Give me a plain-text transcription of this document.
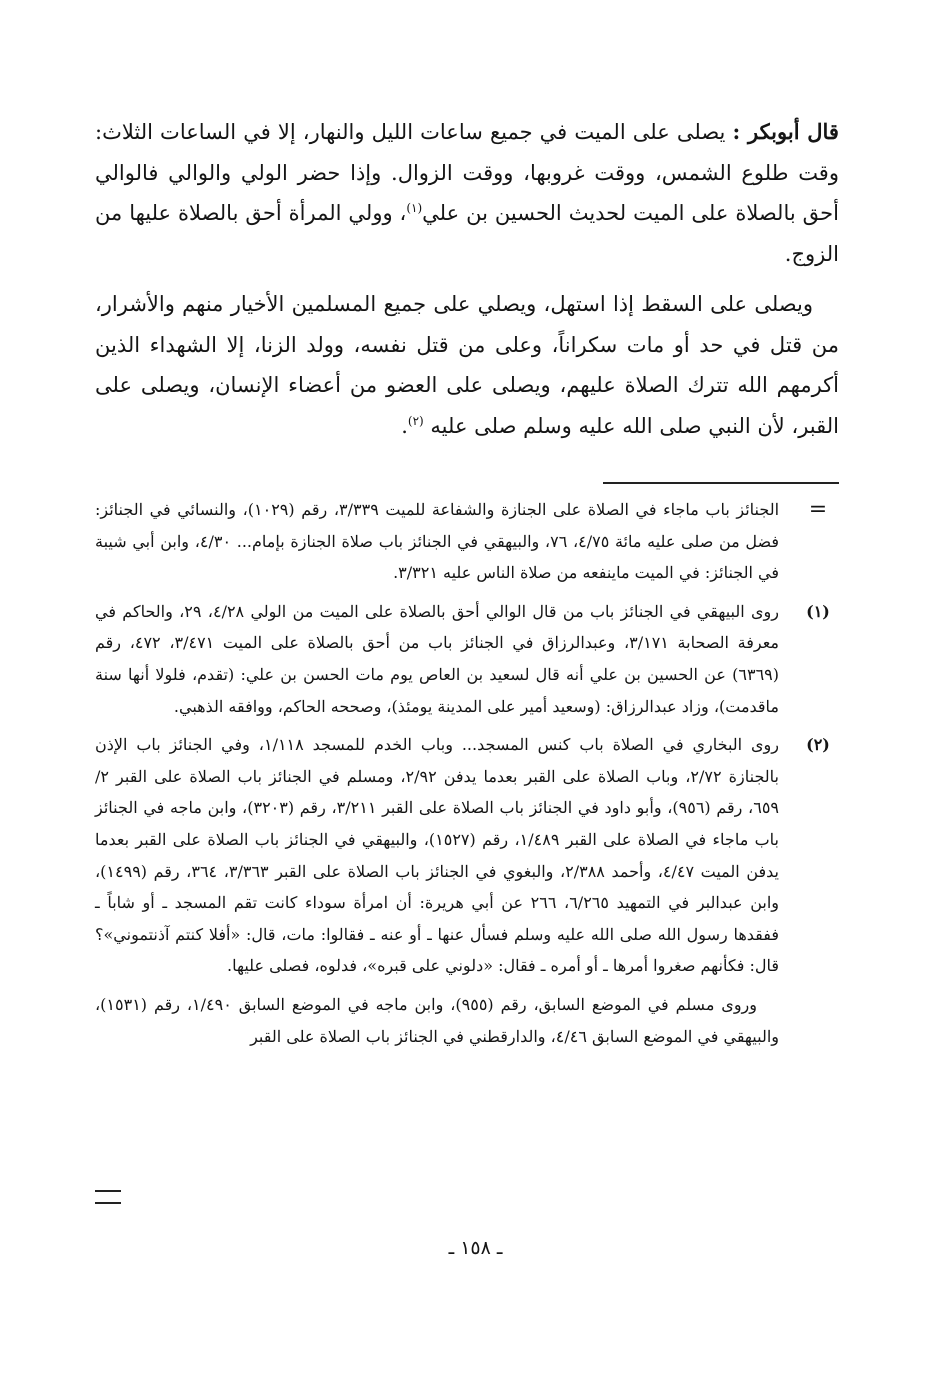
قال أبوبكر : يصلى على الميت في جميع ساعات الليل والنهار، إلا في الساعات الثلاث: وقت طلوع الشمس، ووقت غروبها، ووقت الزوال. وإذا حضر الولي والوالي فالوالي أحق بالصلاة على الميت لحديث الحسين بن علي$^{(١)}$، وولي المرأة أحق بالصلاة عليها من الزوج.

ويصلى على السقط إذا استهل، ويصلي على جميع المسلمين الأخيار منهم والأشرار، من قتل في حد أو مات سكراناً، وعلى من قتل نفسه، وولد الزنا، إلا الشهداء الذين أكرمهم الله تترك الصلاة عليهم، ويصلى على العضو من أعضاء الإنسان، ويصلى على القبر، لأن النبي صلى الله عليه وسلم صلى عليه $^{(٢)}$.

=
الجنائز باب ماجاء في الصلاة على الجنازة والشفاعة للميت ٣/٣٣٩، رقم (١٠٢٩)، والنسائي في الجنائز: فضل من صلى عليه مائة ٤/٧٥، ٧٦، والبيهقي في الجنائز باب صلاة الجنازة بإمام... ٤/٣٠، وابن أبي شيبة في الجنائز: في الميت ماينفعه من صلاة الناس عليه ٣/٣٢١.
(١)
روى البيهقي في الجنائز باب من قال الوالي أحق بالصلاة على الميت من الولي ٤/٢٨، ٢٩، والحاكم في معرفة الصحابة ٣/١٧١، وعبدالرزاق في الجنائز باب من أحق بالصلاة على الميت ٣/٤٧١، ٤٧٢، رقم (٦٣٦٩) عن الحسين بن علي أنه قال لسعيد بن العاص يوم مات الحسن بن علي: (تقدم، فلولا أنها سنة ماقدمت)، وزاد عبدالرزاق: (وسعيد أمير على المدينة يومئذ)، وصححه الحاكم، ووافقه الذهبي.
(٢)
روى البخاري في الصلاة باب كنس المسجد... وباب الخدم للمسجد ١/١١٨، وفي الجنائز باب الإذن بالجنازة ٢/٧٢، وباب الصلاة على القبر بعدما يدفن ٢/٩٢، ومسلم في الجنائز باب الصلاة على القبر ٢/ ٦٥٩، رقم (٩٥٦)، وأبو داود في الجنائز باب الصلاة على القبر ٣/٢١١، رقم (٣٢٠٣)، وابن ماجه في الجنائز باب ماجاء في الصلاة على القبر ١/٤٨٩، رقم (١٥٢٧)، والبيهقي في الجنائز باب الصلاة على القبر بعدما يدفن الميت ٤/٤٧، وأحمد ٢/٣٨٨، والبغوي في الجنائز باب الصلاة على القبر ٣/٣٦٣، ٣٦٤، رقم (١٤٩٩)، وابن عبدالبر في التمهيد ٦/٢٦٥، ٢٦٦ عن أبي هريرة: أن امرأة سوداء كانت تقم المسجد ـ أو شاباً ـ ففقدها رسول الله صلى الله عليه وسلم فسأل عنها ـ أو عنه ـ فقالوا: مات، قال: «أفلا كنتم آذنتموني»؟ قال: فكأنهم صغروا أمرها ـ أو أمره ـ فقال: «دلوني على قبره»، فدلوه، فصلى عليها.

وروى مسلم في الموضع السابق، رقم (٩٥٥)، وابن ماجه في الموضع السابق ١/٤٩٠، رقم (١٥٣١)، والبيهقي في الموضع السابق ٤/٤٦، والدارقطني في الجنائز باب الصلاة على القبر

ـ ١٥٨ ـ
